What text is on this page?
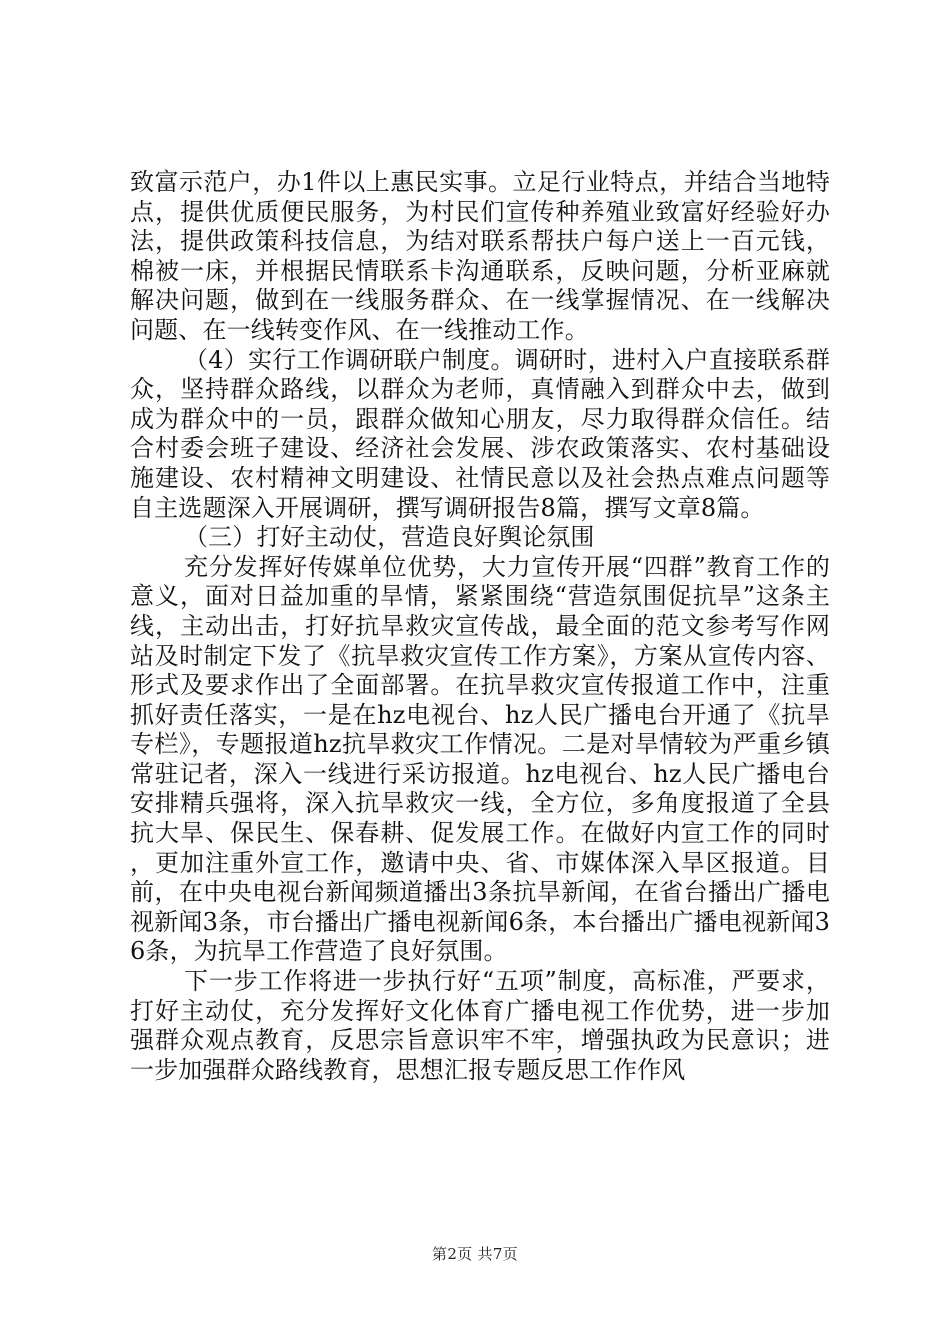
致富示范户，办1件以上惠民实事。立足行业特点，并结合当地特点，提供优质便民服务，为村民们宣传种养殖业致富好经验好办法，提供政策科技信息，为结对联系帮扶户每户送上一百元钱，棉被一床，并根据民情联系卡沟通联系，反映问题，分析亚麻就解决问题，做到在一线服务群众、在一线掌握情况、在一线解决问题、在一线转变作风、在一线推动工作。

（4）实行工作调研联户制度。调研时，进村入户直接联系群众，坚持群众路线，以群众为老师，真情融入到群众中去，做到成为群众中的一员，跟群众做知心朋友，尽力取得群众信任。结合村委会班子建设、经济社会发展、涉农政策落实、农村基础设施建设、农村精神文明建设、社情民意以及社会热点难点问题等自主选题深入开展调研，撰写调研报告8篇，撰写文章8篇。

（三）打好主动仗，营造良好舆论氛围

充分发挥好传媒单位优势，大力宣传开展“四群”教育工作的意义，面对日益加重的旱情，紧紧围绕“营造氛围促抗旱”这条主线，主动出击，打好抗旱救灾宣传战，最全面的范文参考写作网站及时制定下发了《抗旱救灾宣传工作方案》，方案从宣传内容、形式及要求作出了全面部署。在抗旱救灾宣传报道工作中，注重抓好责任落实，一是在hz电视台、hz人民广播电台开通了《抗旱专栏》，专题报道hz抗旱救灾工作情况。二是对旱情较为严重乡镇常驻记者，深入一线进行采访报道。hz电视台、hz人民广播电台安排精兵强将，深入抗旱救灾一线，全方位，多角度报道了全县抗大旱、保民生、保春耕、促发展工作。在做好内宣工作的同时，更加注重外宣工作，邀请中央、省、市媒体深入旱区报道。目前，在中央电视台新闻频道播出3条抗旱新闻，在省台播出广播电视新闻3条，市台播出广播电视新闻6条，本台播出广播电视新闻36条，为抗旱工作营造了良好氛围。

下一步工作将进一步执行好“五项”制度，高标准，严要求，打好主动仗，充分发挥好文化体育广播电视工作优势，进一步加强群众观点教育，反思宗旨意识牢不牢，增强执政为民意识；进一步加强群众路线教育，思想汇报专题反思工作作风

第2页 共7页
